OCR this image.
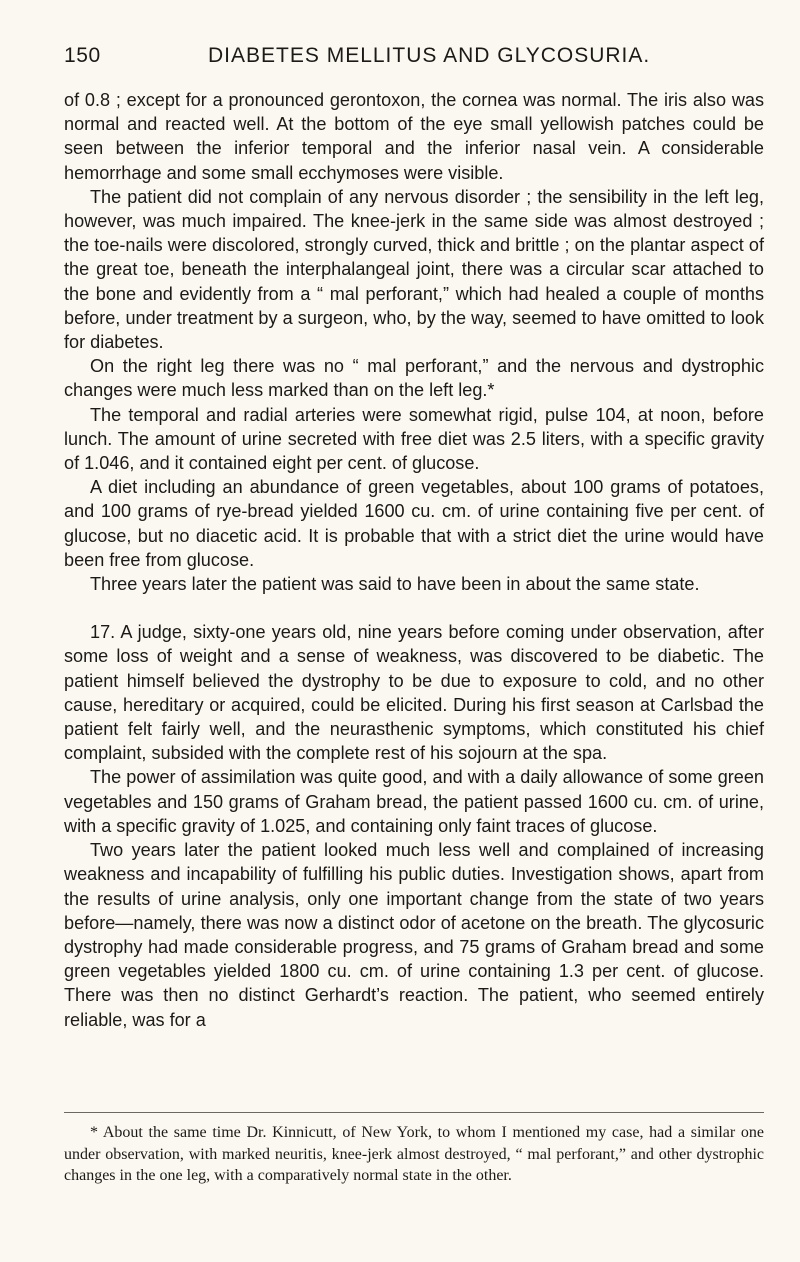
150	DIABETES MELLITUS AND GLYCOSURIA.

of 0.8 ; except for a pronounced gerontoxon, the cornea was normal. The iris also was normal and reacted well. At the bottom of the eye small yellowish patches could be seen between the inferior temporal and the inferior nasal vein. A considerable hemorrhage and some small ecchymoses were visible.

The patient did not complain of any nervous disorder ; the sensibility in the left leg, however, was much impaired. The knee-jerk in the same side was almost destroyed ; the toe-nails were discolored, strongly curved, thick and brittle ; on the plantar aspect of the great toe, beneath the interphalangeal joint, there was a circular scar attached to the bone and evidently from a “ mal perforant,” which had healed a couple of months before, under treatment by a surgeon, who, by the way, seemed to have omitted to look for diabetes.

On the right leg there was no “ mal perforant,” and the nervous and dystrophic changes were much less marked than on the left leg.*

The temporal and radial arteries were somewhat rigid, pulse 104, at noon, before lunch. The amount of urine secreted with free diet was 2.5 liters, with a specific gravity of 1.046, and it contained eight per cent. of glucose.

A diet including an abundance of green vegetables, about 100 grams of potatoes, and 100 grams of rye-bread yielded 1600 cu. cm. of urine containing five per cent. of glucose, but no diacetic acid. It is probable that with a strict diet the urine would have been free from glucose.

Three years later the patient was said to have been in about the same state.

17. A judge, sixty-one years old, nine years before coming under observation, after some loss of weight and a sense of weakness, was discovered to be diabetic. The patient himself believed the dystrophy to be due to exposure to cold, and no other cause, hereditary or acquired, could be elicited. During his first season at Carlsbad the patient felt fairly well, and the neurasthenic symptoms, which constituted his chief complaint, subsided with the complete rest of his sojourn at the spa.

The power of assimilation was quite good, and with a daily allowance of some green vegetables and 150 grams of Graham bread, the patient passed 1600 cu. cm. of urine, with a specific gravity of 1.025, and containing only faint traces of glucose.

Two years later the patient looked much less well and complained of increasing weakness and incapability of fulfilling his public duties. Investigation shows, apart from the results of urine analysis, only one important change from the state of two years before—namely, there was now a distinct odor of acetone on the breath. The glycosuric dystrophy had made considerable progress, and 75 grams of Graham bread and some green vegetables yielded 1800 cu. cm. of urine containing 1.3 per cent. of glucose. There was then no distinct Gerhardt’s reaction. The patient, who seemed entirely reliable, was for a

* About the same time Dr. Kinnicutt, of New York, to whom I mentioned my case, had a similar one under observation, with marked neuritis, knee-jerk almost destroyed, “ mal perforant,” and other dystrophic changes in the one leg, with a comparatively normal state in the other.
